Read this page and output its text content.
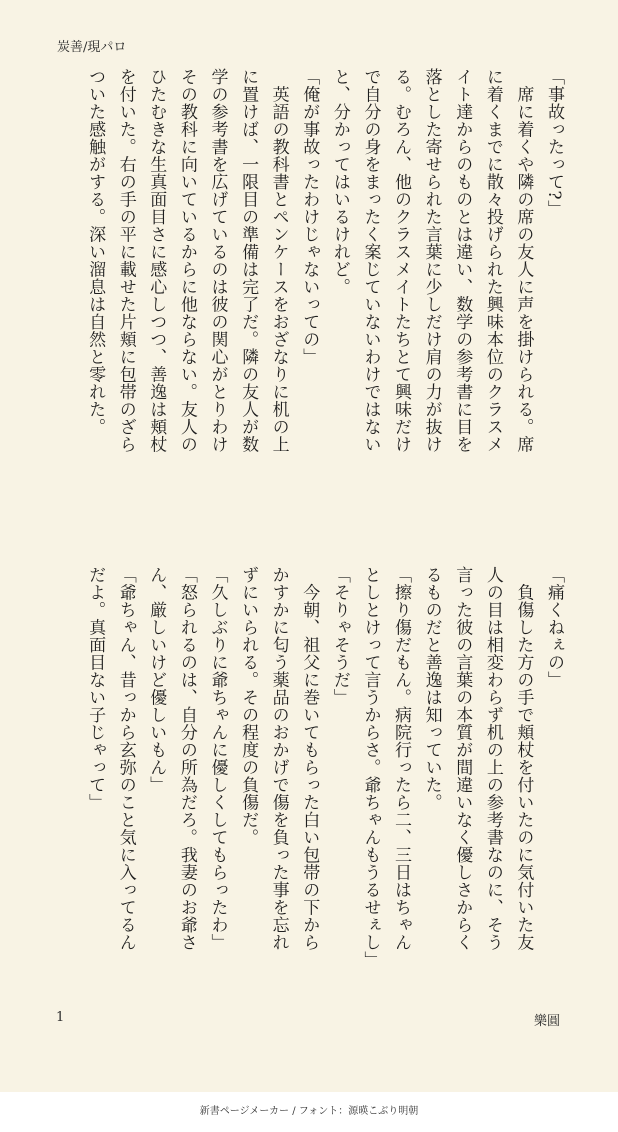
炭善/現パロ
「事故ったって?」
　席に着くや隣の席の友人に声を掛けられる。席
に着くまでに散々投げられた興味本位のクラスメ
イト達からのものとは違い、数学の参考書に目を
落とした寄せられた言葉に少しだけ肩の力が抜け
る。むろん、他のクラスメイトたちとて興味だけ
で自分の身をまったく案じていないわけではない
と、分かってはいるけれど。
「俺が事故ったわけじゃないっての」
　英語の教科書とペンケースをおざなりに机の上
に置けば、一限目の準備は完了だ。隣の友人が数
学の参考書を広げているのは彼の関心がとりわけ
その教科に向いているからに他ならない。友人の
ひたむきな生真面目さに感心しつつ、善逸は頬杖
を付いた。右の手の平に載せた片頬に包帯のざら
ついた感触がする。深い溜息は自然と零れた。
「痛くねぇの」
　負傷した方の手で頬杖を付いたのに気付いた友
人の目は相変わらず机の上の参考書なのに、そう
言った彼の言葉の本質が間違いなく優しさからく
るものだと善逸は知っていた。
「擦り傷だもん。病院行ったら二、三日はちゃん
としとけって言うからさ。爺ちゃんもうるせぇし」
「そりゃそうだ」
　今朝、祖父に巻いてもらった白い包帯の下から
かすかに匂う薬品のおかげで傷を負った事を忘れ
ずにいられる。その程度の負傷だ。
「久しぶりに爺ちゃんに優しくしてもらったわ」
「怒られるのは、自分の所為だろ。我妻のお爺さ
ん、厳しいけど優しいもん」
「爺ちゃん、昔っから玄弥のこと気に入ってるん
だよ。真面目ない子じゃって」
1	樂圓
新書ページメーカー / フォント：源暎こぶり明朝
